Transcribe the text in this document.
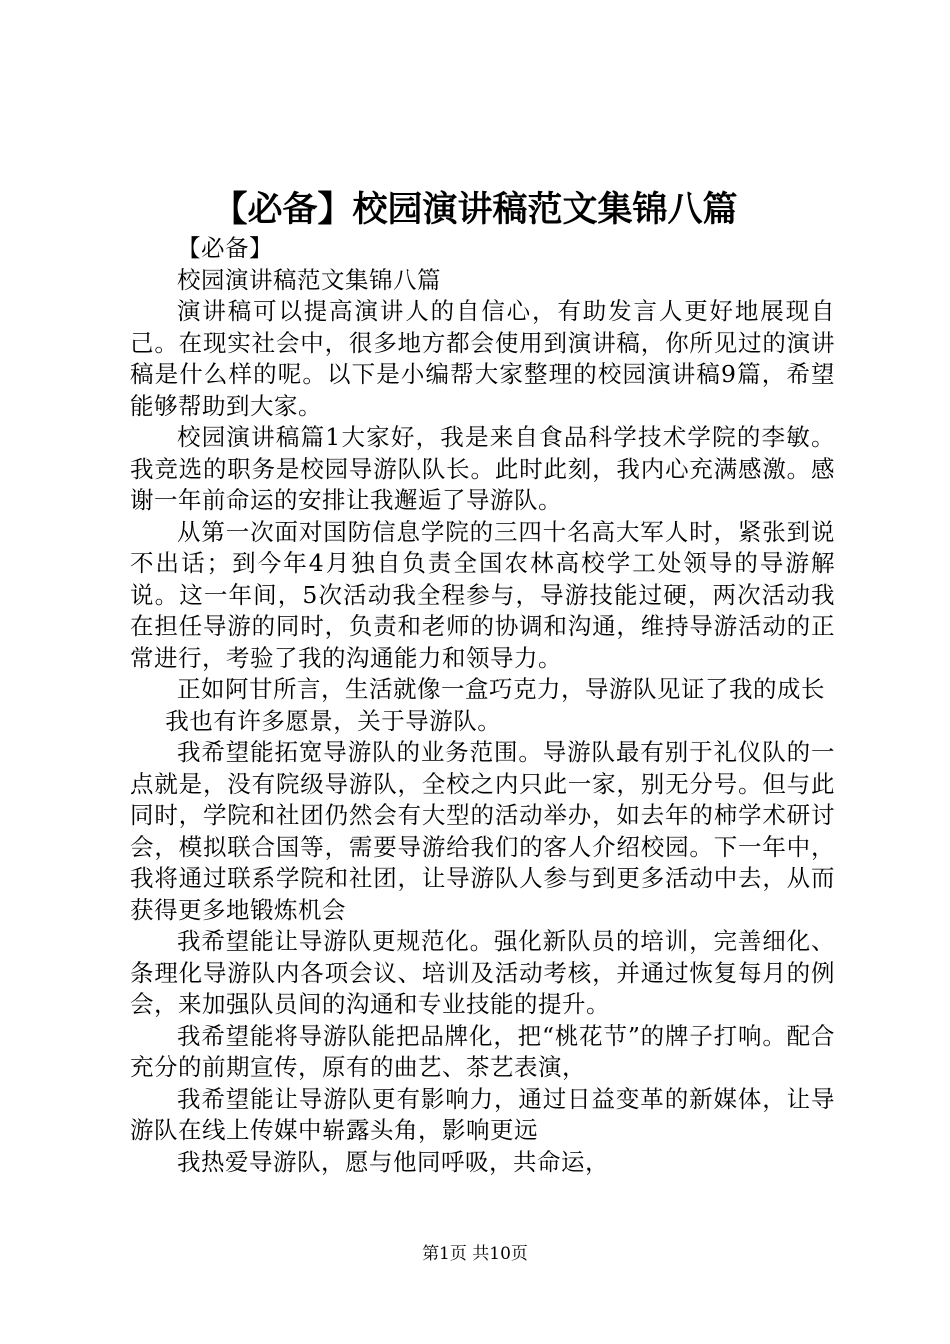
【必备】校园演讲稿范文集锦八篇

【必备】

校园演讲稿范文集锦八篇

演讲稿可以提高演讲人的自信心，有助发言人更好地展现自己。在现实社会中，很多地方都会使用到演讲稿，你所见过的演讲稿是什么样的呢。以下是小编帮大家整理的校园演讲稿9篇，希望能够帮助到大家。

校园演讲稿篇1大家好，我是来自食品科学技术学院的李敏。我竞选的职务是校园导游队队长。此时此刻，我内心充满感激。感谢一年前命运的安排让我邂逅了导游队。

从第一次面对国防信息学院的三四十名高大军人时，紧张到说不出话；到今年4月独自负责全国农林高校学工处领导的导游解说。这一年间，5次活动我全程参与，导游技能过硬，两次活动我在担任导游的同时，负责和老师的协调和沟通，维持导游活动的正常进行，考验了我的沟通能力和领导力。

正如阿甘所言，生活就像一盒巧克力，导游队见证了我的成长

我也有许多愿景，关于导游队。

我希望能拓宽导游队的业务范围。导游队最有别于礼仪队的一点就是，没有院级导游队，全校之内只此一家，别无分号。但与此同时，学院和社团仍然会有大型的活动举办，如去年的柿学术研讨会，模拟联合国等，需要导游给我们的客人介绍校园。下一年中，我将通过联系学院和社团，让导游队人参与到更多活动中去，从而获得更多地锻炼机会

我希望能让导游队更规范化。强化新队员的培训，完善细化、条理化导游队内各项会议、培训及活动考核，并通过恢复每月的例会，来加强队员间的沟通和专业技能的提升。

我希望能将导游队能把品牌化，把“桃花节”的牌子打响。配合充分的前期宣传，原有的曲艺、茶艺表演，

我希望能让导游队更有影响力，通过日益变革的新媒体，让导游队在线上传媒中崭露头角，影响更远

我热爱导游队，愿与他同呼吸，共命运，

第1页 共10页
